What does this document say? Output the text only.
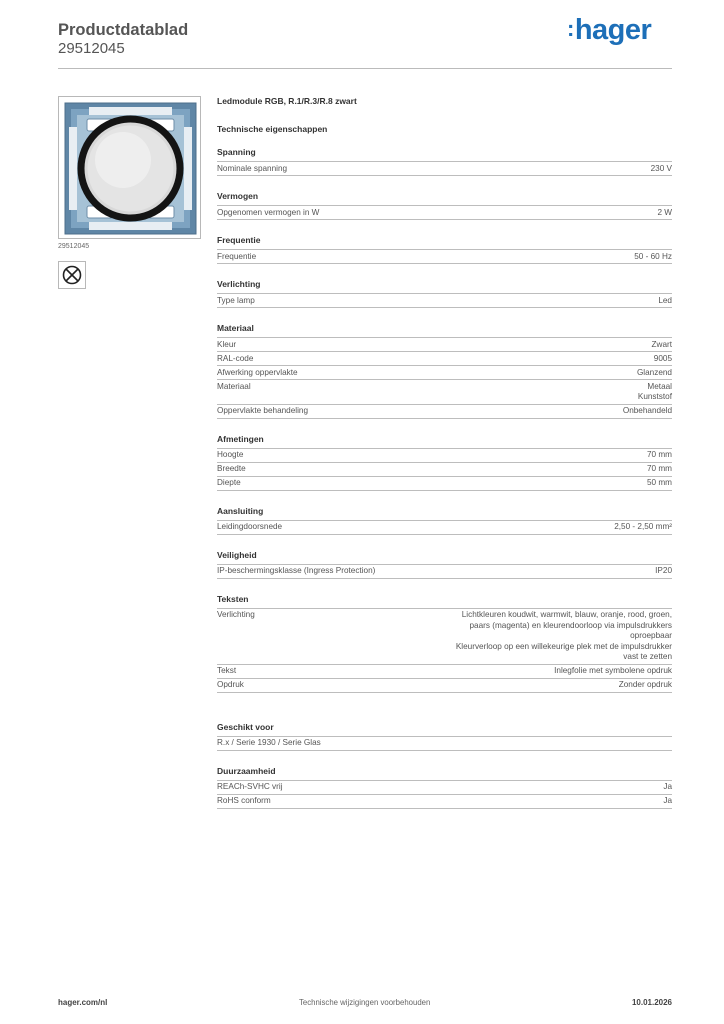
Productdatablad
29512045
:hager
29512045
Ledmodule RGB, R.1/R.3/R.8 zwart
Technische eigenschappen
Spanning
Nominale spanning	230 V
Vermogen
Opgenomen vermogen in W	2 W
Frequentie
Frequentie	50 - 60 Hz
Verlichting
Type lamp	Led
Materiaal
Kleur	Zwart
RAL-code	9005
Afwerking oppervlakte	Glanzend
Materiaal	Metaal
Kunststof
Oppervlakte behandeling	Onbehandeld
Afmetingen
Hoogte	70 mm
Breedte	70 mm
Diepte	50 mm
Aansluiting
Leidingdoorsnede	2,50 - 2,50 mm²
Veiligheid
IP-beschermingsklasse (Ingress Protection)	IP20
Teksten
Verlichting	Lichtkleuren koudwit, warmwit, blauw, oranje, rood, groen,
paars (magenta) en kleurendoorloop via impulsdrukkers
oproepbaar
Kleurverloop op een willekeurige plek met de impulsdrukker
vast te zetten
Tekst	Inlegfolie met symbolene opdruk
Opdruk	Zonder opdruk
Geschikt voor
R.x / Serie 1930 / Serie Glas
Duurzaamheid
REACh-SVHC vrij	Ja
RoHS conform	Ja
hager.com/nl	Technische wijzigingen voorbehouden	10.01.2026
